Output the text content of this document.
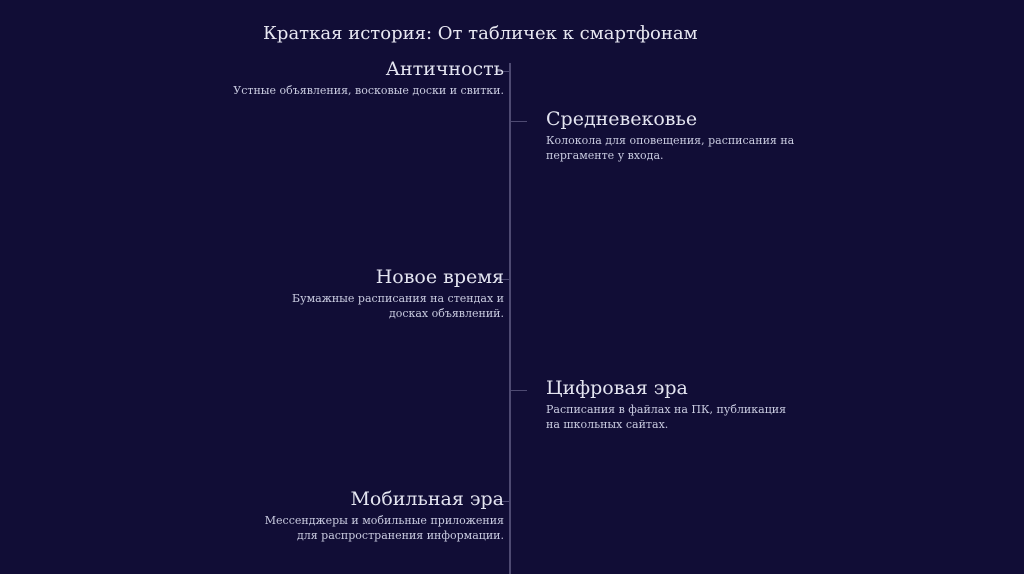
Краткая история: От табличек к смартфонам
Античность
Устные объявления, восковые доски и свитки.
Средневековье
Колокола для оповещения, расписания на
пергаменте у входа.
Новое время
Бумажные расписания на стендах и
досках объявлений.
Цифровая эра
Расписания в файлах на ПК, публикация
на школьных сайтах.
Мобильная эра
Мессенджеры и мобильные приложения
для распространения информации.
